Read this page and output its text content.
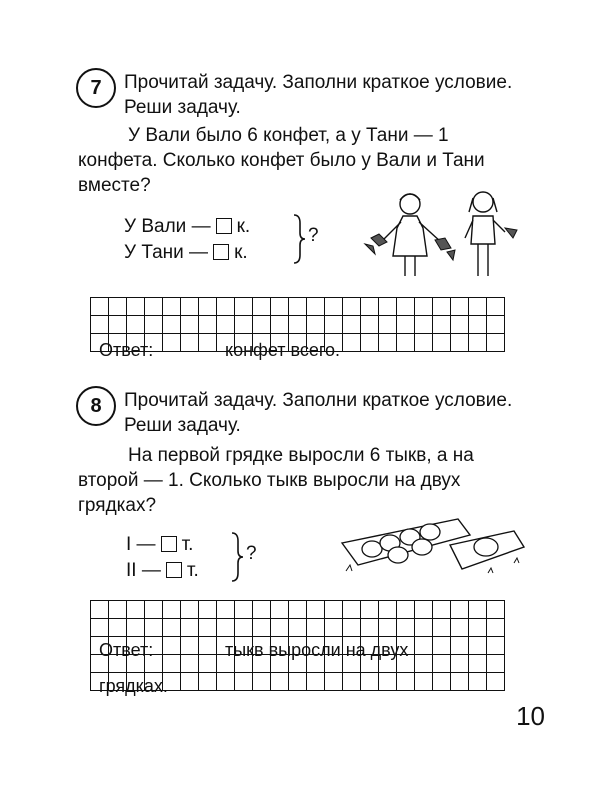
7	Прочитай задачу. Заполни краткое условие. Реши задачу.

У Вали было 6 конфет, а у Тани — 1 конфета. Сколько конфет было у Вали и Тани вместе?

У Вали — к.
У Тани — к.
?
Ответ:	конфет всего.
8	Прочитай задачу. Заполни краткое условие. Реши задачу.

На первой грядке выросли 6 тыкв, а на второй — 1. Сколько тыкв выросли на двух грядках?

I — т.
II — т.
?
Ответ:	тыкв выросли на двух
грядках.
10
